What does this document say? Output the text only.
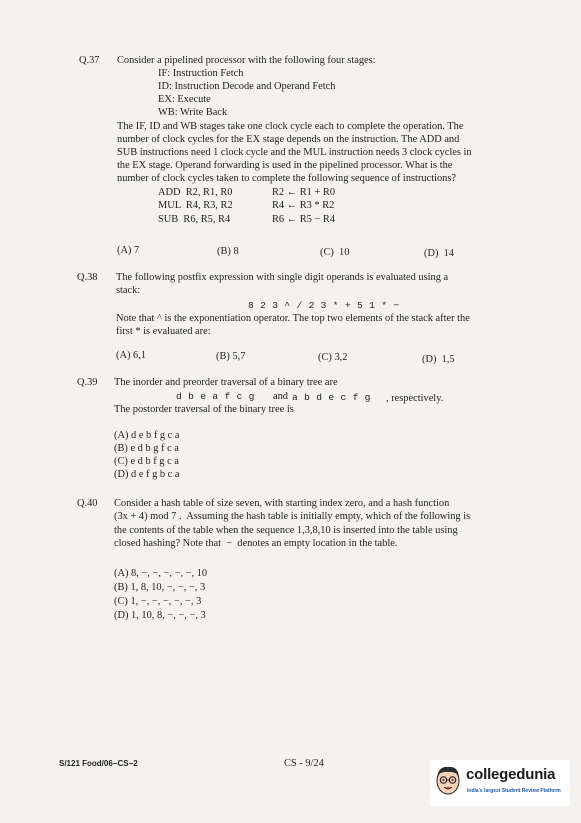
Q.37 Consider a pipelined processor with the following four stages:
IF: Instruction Fetch
ID: Instruction Decode and Operand Fetch
EX: Execute
WB: Write Back
The IF, ID and WB stages take one clock cycle each to complete the operation. The
number of clock cycles for the EX stage depends on the instruction. The ADD and
SUB instructions need 1 clock cycle and the MUL instruction needs 3 clock cycles in
the EX stage. Operand forwarding is used in the pipelined processor. What is the
number of clock cycles taken to complete the following sequence of instructions?
ADD  R2, R1, R0	R2 ← R1 + R0
MUL  R4, R3, R2	R4 ← R3 * R2
SUB  R6, R5, R4	R6 ← R5 − R4
(A) 7	(B) 8	(C)  10	(D)  14
Q.38 The following postfix expression with single digit operands is evaluated using a
stack:
8 2 3 ^ / 2 3 * + 5 1 * −
Note that ^ is the exponentiation operator. The top two elements of the stack after the
first * is evaluated are:
(A) 6,1	(B) 5,7	(C) 3,2	(D)  1,5
Q.39 The inorder and preorder traversal of a binary tree are
d b e a f c g and a b d e c f g , respectively.
The postorder traversal of the binary tree is
(A) d e b f g c a
(B) e d b g f c a
(C) e d b f g c a
(D) d e f g b c a
Q.40 Consider a hash table of size seven, with starting index zero, and a hash function
(3x + 4) mod 7 .  Assuming the hash table is initially empty, which of the following is
the contents of the table when the sequence 1,3,8,10 is inserted into the table using
closed hashing? Note that  −  denotes an empty location in the table.
(A) 8, −, −, −, −, −, 10
(B) 1, 8, 10, −, −, −, 3
(C) 1, −, −, −, −, −, 3
(D) 1, 10, 8, −, −, −, 3
S/121 Food/06−CS−2	CS - 9/24
collegedunia
India's largest Student Review Platform
